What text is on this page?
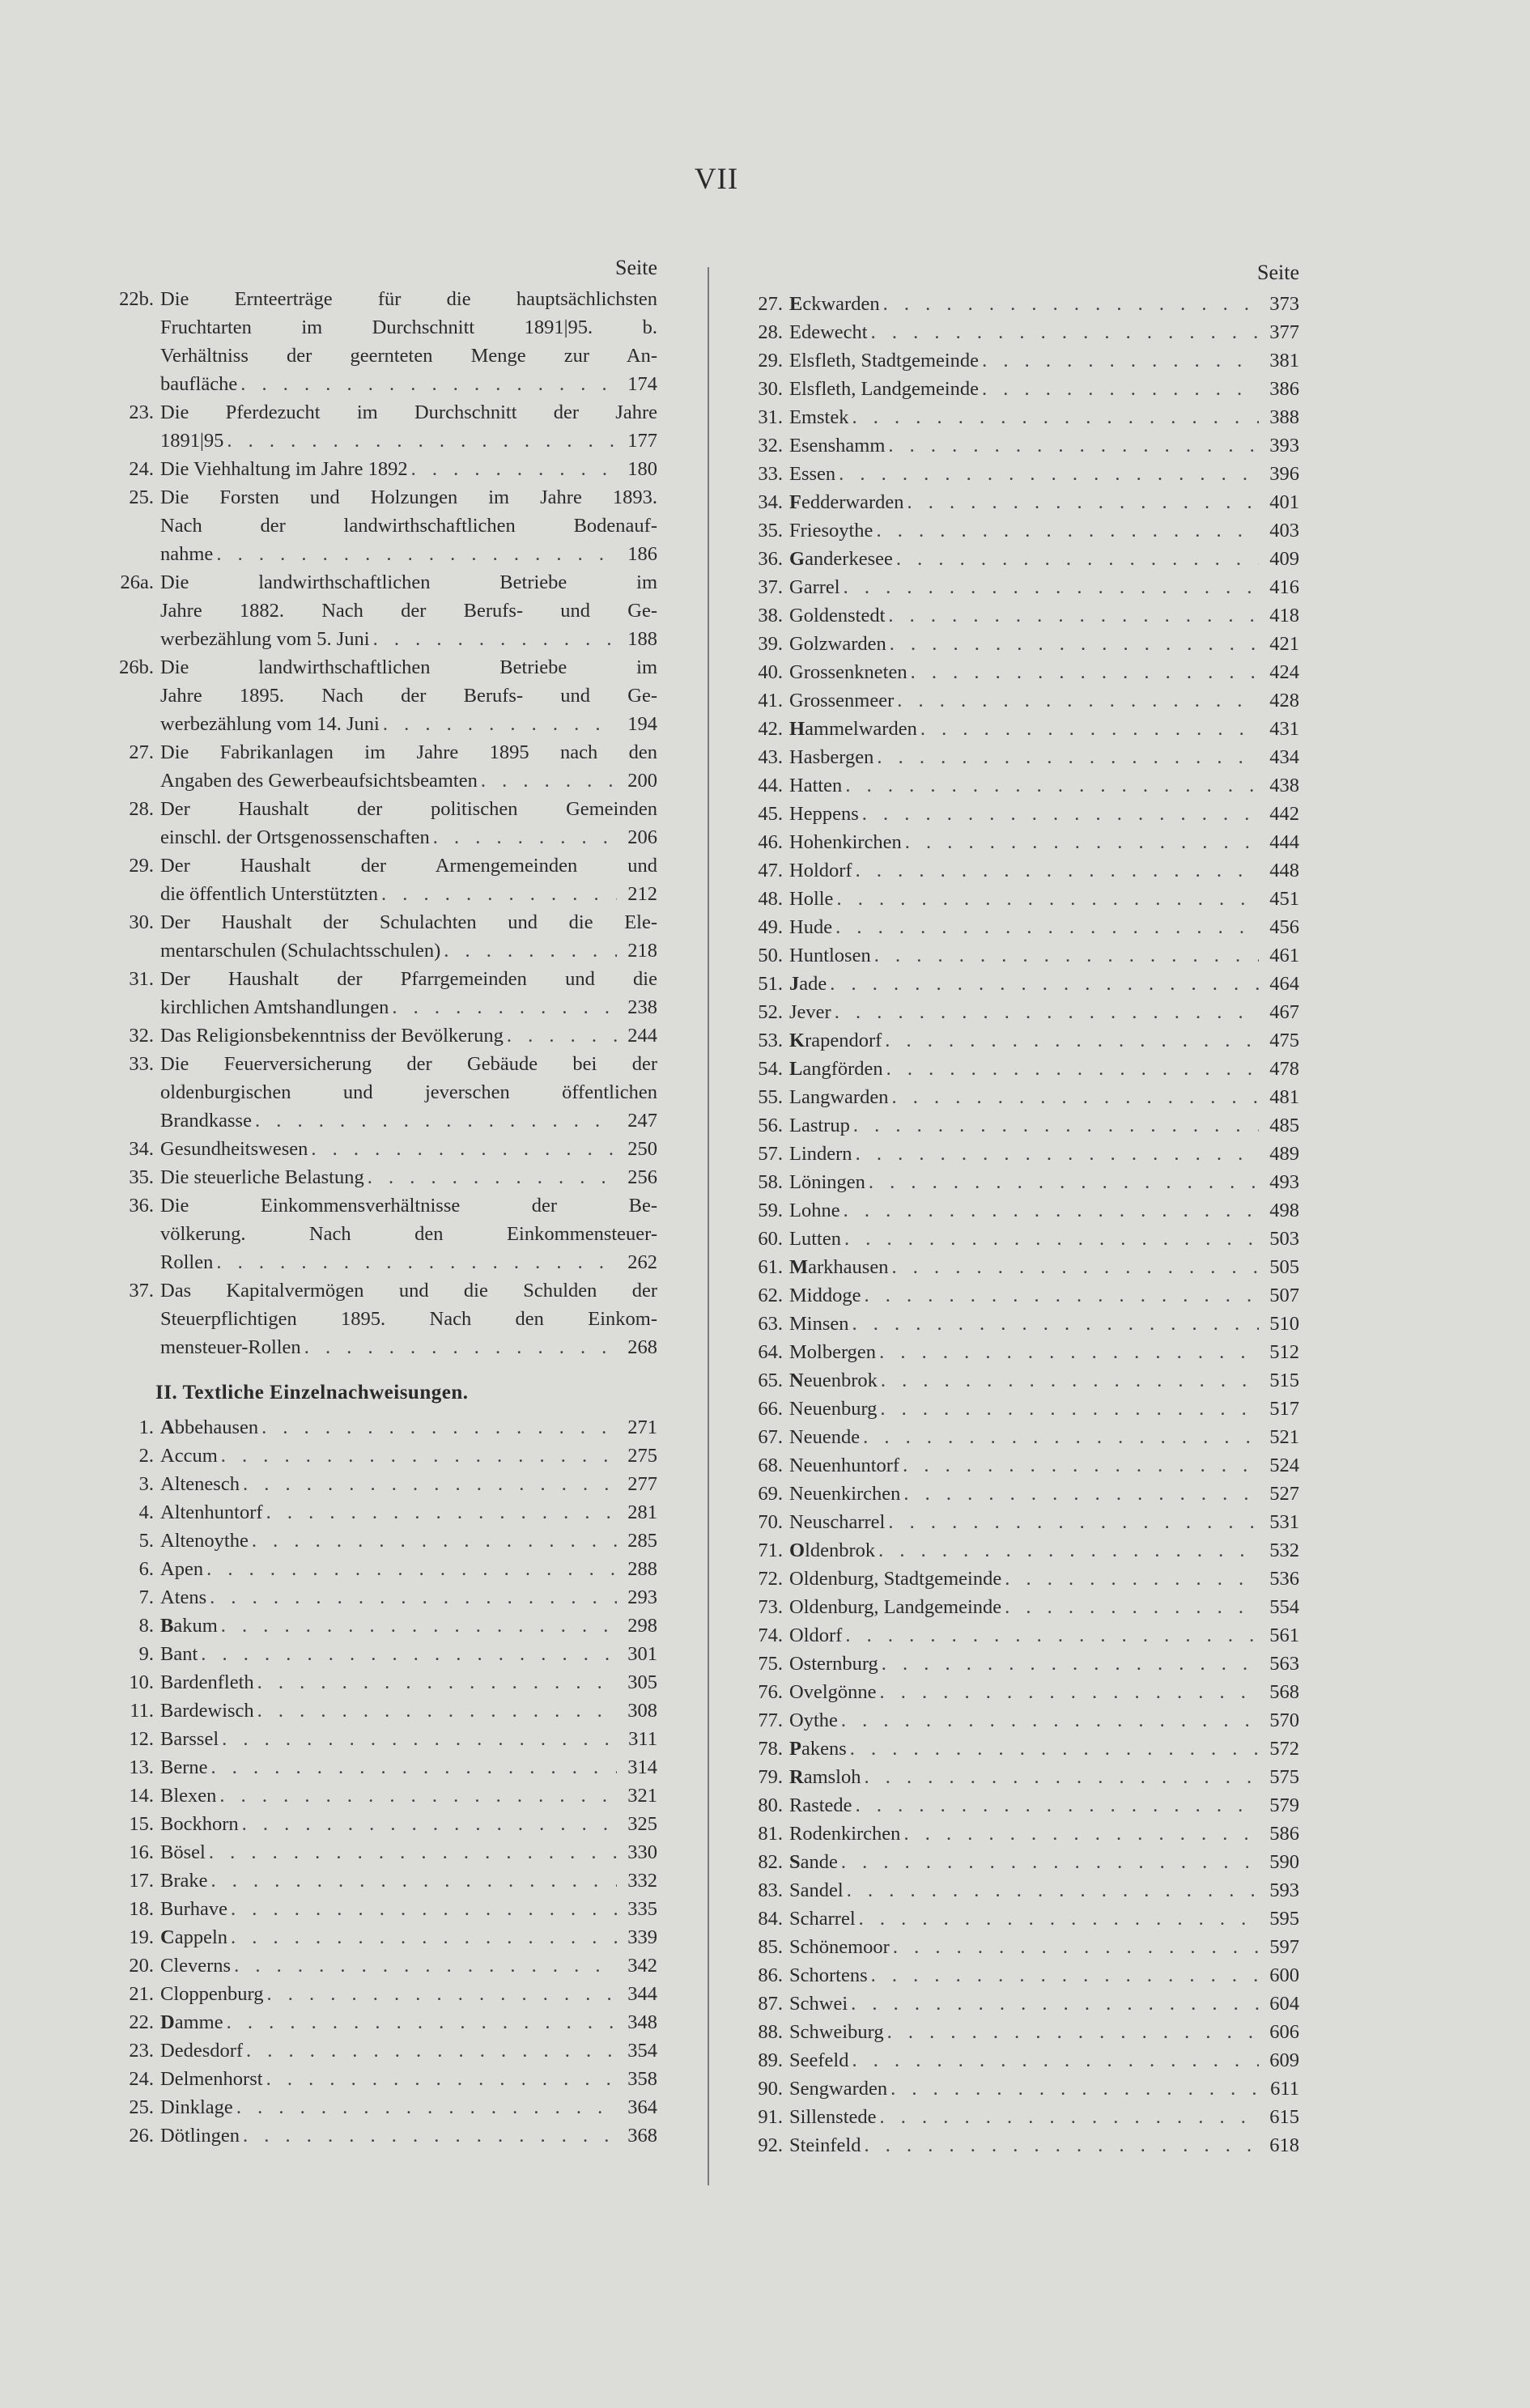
VII
Seite
22b. Die Ernteerträge für die hauptsächlichsten
Fruchtarten im Durchschnitt 1891|95. b.
Verhältniss der geernteten Menge zur An-
baufläche . . .	174
23. Die Pferdezucht im Durchschnitt der Jahre
1891|95 . . .	177
24. Die Viehhaltung im Jahre 1892 . . .	180
25. Die Forsten und Holzungen im Jahre 1893.
Nach der landwirthschaftlichen Bodenauf-
nahme . . .	186
26a. Die landwirthschaftlichen Betriebe im
Jahre 1882. Nach der Berufs- und Ge-
werbezählung vom 5. Juni . . .	188
26b. Die landwirthschaftlichen Betriebe im
Jahre 1895. Nach der Berufs- und Ge-
werbezählung vom 14. Juni . . .	194
27. Die Fabrikanlagen im Jahre 1895 nach den
Angaben des Gewerbeaufsichtsbeamten . . .	200
28. Der Haushalt der politischen Gemeinden
einschl. der Ortsgenossenschaften . . .	206
29. Der Haushalt der Armengemeinden und
die öffentlich Unterstützten . . .	212
30. Der Haushalt der Schulachten und die Ele-
mentarschulen (Schulachtsschulen) . . .	218
31. Der Haushalt der Pfarrgemeinden und die
kirchlichen Amtshandlungen . . .	238
32. Das Religionsbekenntniss der Bevölkerung . . .	244
33. Die Feuerversicherung der Gebäude bei der
oldenburgischen und jeverschen öffentlichen
Brandkasse . . .	247
34. Gesundheitswesen . . .	250
35. Die steuerliche Belastung . . .	256
36. Die Einkommensverhältnisse der Be-
völkerung. Nach den Einkommensteuer-
Rollen . . .	262
37. Das Kapitalvermögen und die Schulden der
Steuerpflichtigen 1895. Nach den Einkom-
mensteuer-Rollen . . .	268
II. Textliche Einzelnachweisungen.
1. Abbehausen . . .	271
2. Accum . . .	275
3. Altenesch . . .	277
4. Altenhuntorf . . .	281
5. Altenoythe . . .	285
6. Apen . . .	288
7. Atens . . .	293
8. Bakum . . .	298
9. Bant . . .	301
10. Bardenfleth . . .	305
11. Bardewisch . . .	308
12. Barssel . . .	311
13. Berne . . .	314
14. Blexen . . .	321
15. Bockhorn . . .	325
16. Bösel . . .	330
17. Brake . . .	332
18. Burhave . . .	335
19. Cappeln . . .	339
20. Cleverns . . .	342
21. Cloppenburg . . .	344
22. Damme . . .	348
23. Dedesdorf . . .	354
24. Delmenhorst . . .	358
25. Dinklage . . .	364
26. Dötlingen . . .	368
Seite
27. Eckwarden . . .	373
28. Edewecht . . .	377
29. Elsfleth, Stadtgemeinde . . .	381
30. Elsfleth, Landgemeinde . . .	386
31. Emstek . . .	388
32. Esenshamm . . .	393
33. Essen . . .	396
34. Fedderwarden . . .	401
35. Friesoythe . . .	403
36. Ganderkesee . . .	409
37. Garrel . . .	416
38. Goldenstedt . . .	418
39. Golzwarden . . .	421
40. Grossenkneten . . .	424
41. Grossenmeer . . .	428
42. Hammelwarden . . .	431
43. Hasbergen . . .	434
44. Hatten . . .	438
45. Heppens . . .	442
46. Hohenkirchen . . .	444
47. Holdorf . . .	448
48. Holle . . .	451
49. Hude . . .	456
50. Huntlosen . . .	461
51. Jade . . .	464
52. Jever . . .	467
53. Krapendorf . . .	475
54. Langförden . . .	478
55. Langwarden . . .	481
56. Lastrup . . .	485
57. Lindern . . .	489
58. Löningen . . .	493
59. Lohne . . .	498
60. Lutten . . .	503
61. Markhausen . . .	505
62. Middoge . . .	507
63. Minsen . . .	510
64. Molbergen . . .	512
65. Neuenbrok . . .	515
66. Neuenburg . . .	517
67. Neuende . . .	521
68. Neuenhuntorf . . .	524
69. Neuenkirchen . . .	527
70. Neuscharrel . . .	531
71. Oldenbrok . . .	532
72. Oldenburg, Stadtgemeinde . . .	536
73. Oldenburg, Landgemeinde . . .	554
74. Oldorf . . .	561
75. Osternburg . . .	563
76. Ovelgönne . . .	568
77. Oythe . . .	570
78. Pakens . . .	572
79. Ramsloh . . .	575
80. Rastede . . .	579
81. Rodenkirchen . . .	586
82. Sande . . .	590
83. Sandel . . .	593
84. Scharrel . . .	595
85. Schönemoor . . .	597
86. Schortens . . .	600
87. Schwei . . .	604
88. Schweiburg . . .	606
89. Seefeld . . .	609
90. Sengwarden . . .	611
91. Sillenstede . . .	615
92. Steinfeld . . .	618
